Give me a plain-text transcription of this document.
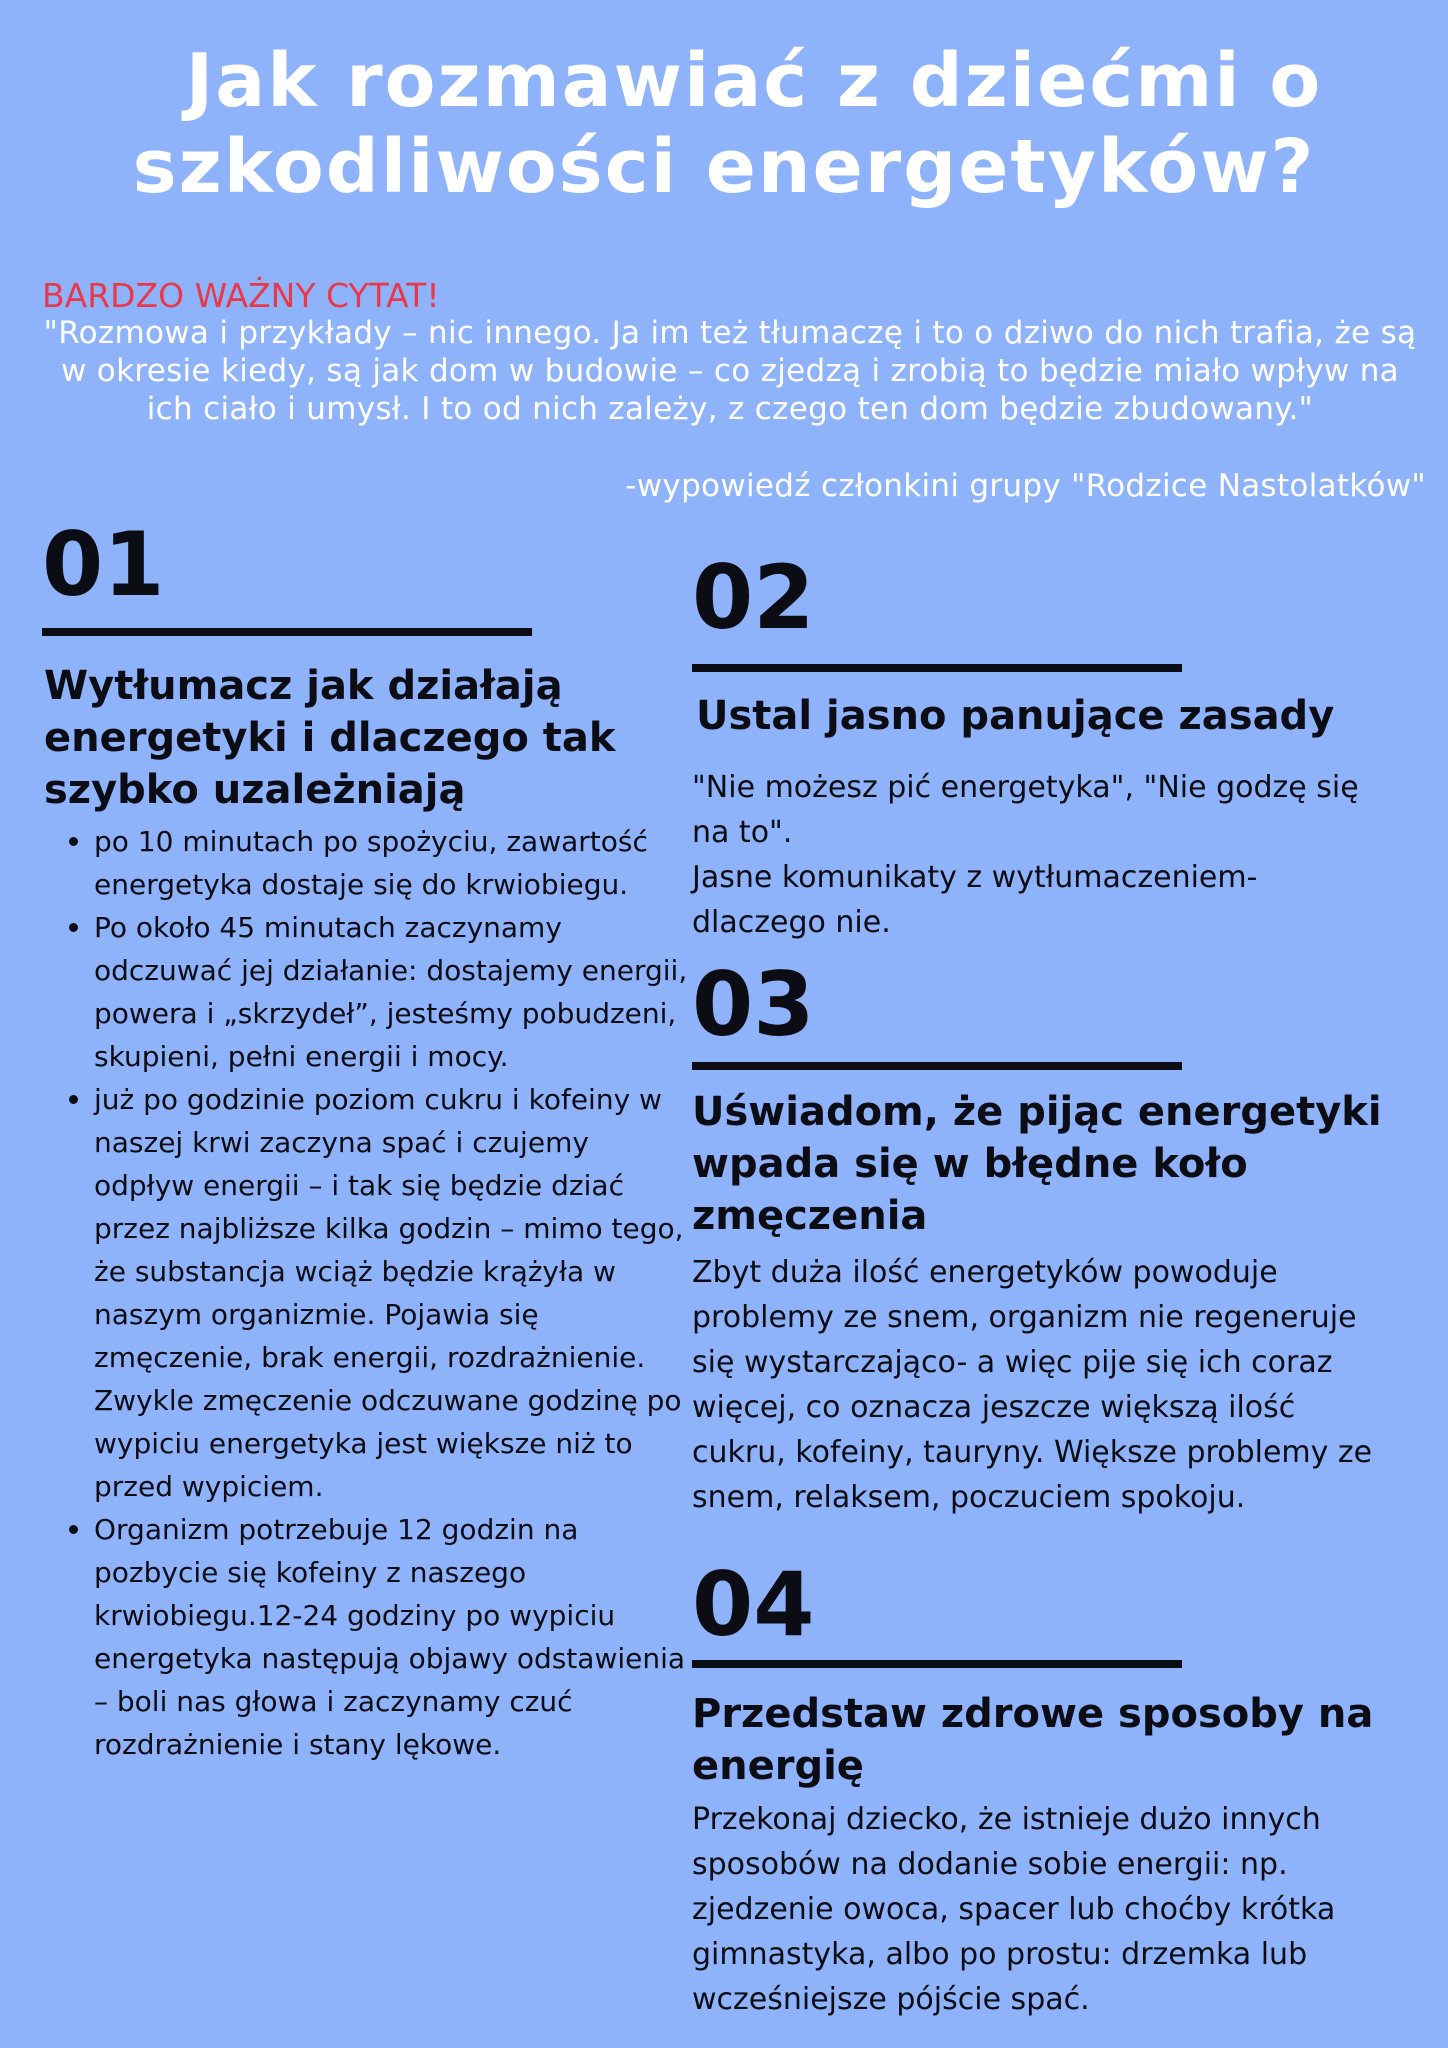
Jak rozmawiać z dziećmi o
szkodliwości energetyków?
BARDZO WAŻNY CYTAT!
"Rozmowa i przykłady – nic innego. Ja im też tłumaczę i to o dziwo do nich trafia, że są w okresie kiedy, są jak dom w budowie – co zjedzą i zrobią to będzie miało wpływ na ich ciało i umysł. I to od nich zależy, z czego ten dom będzie zbudowany."
-wypowiedź członkini grupy "Rodzice Nastolatków"
01
Wytłumacz jak działają energetyki i dlaczego tak szybko uzależniają
• po 10 minutach po spożyciu, zawartość energetyka dostaje się do krwiobiegu.
• Po około 45 minutach zaczynamy odczuwać jej działanie: dostajemy energii, powera i „skrzydeł”, jesteśmy pobudzeni, skupieni, pełni energii i mocy.
• już po godzinie poziom cukru i kofeiny w naszej krwi zaczyna spać i czujemy odpływ energii – i tak się będzie dziać przez najbliższe kilka godzin – mimo tego, że substancja wciąż będzie krążyła w naszym organizmie. Pojawia się zmęczenie, brak energii, rozdrażnienie. Zwykle zmęczenie odczuwane godzinę po wypiciu energetyka jest większe niż to przed wypiciem.
• Organizm potrzebuje 12 godzin na pozbycie się kofeiny z naszego krwiobiegu.12-24 godziny po wypiciu energetyka następują objawy odstawienia – boli nas głowa i zaczynamy czuć rozdrażnienie i stany lękowe.
02
Ustal jasno panujące zasady
"Nie możesz pić energetyka", "Nie godzę się na to".
Jasne komunikaty z wytłumaczeniem- dlaczego nie.
03
Uświadom, że pijąc energetyki wpada się w błędne koło zmęczenia
Zbyt duża ilość energetyków powoduje problemy ze snem, organizm nie regeneruje się wystarczająco- a więc pije się ich coraz więcej, co oznacza jeszcze większą ilość cukru, kofeiny, tauryny. Większe problemy ze snem, relaksem, poczuciem spokoju.
04
Przedstaw zdrowe sposoby na energię
Przekonaj dziecko, że istnieje dużo innych sposobów na dodanie sobie energii: np. zjedzenie owoca, spacer lub choćby krótka gimnastyka, albo po prostu: drzemka lub wcześniejsze pójście spać.
